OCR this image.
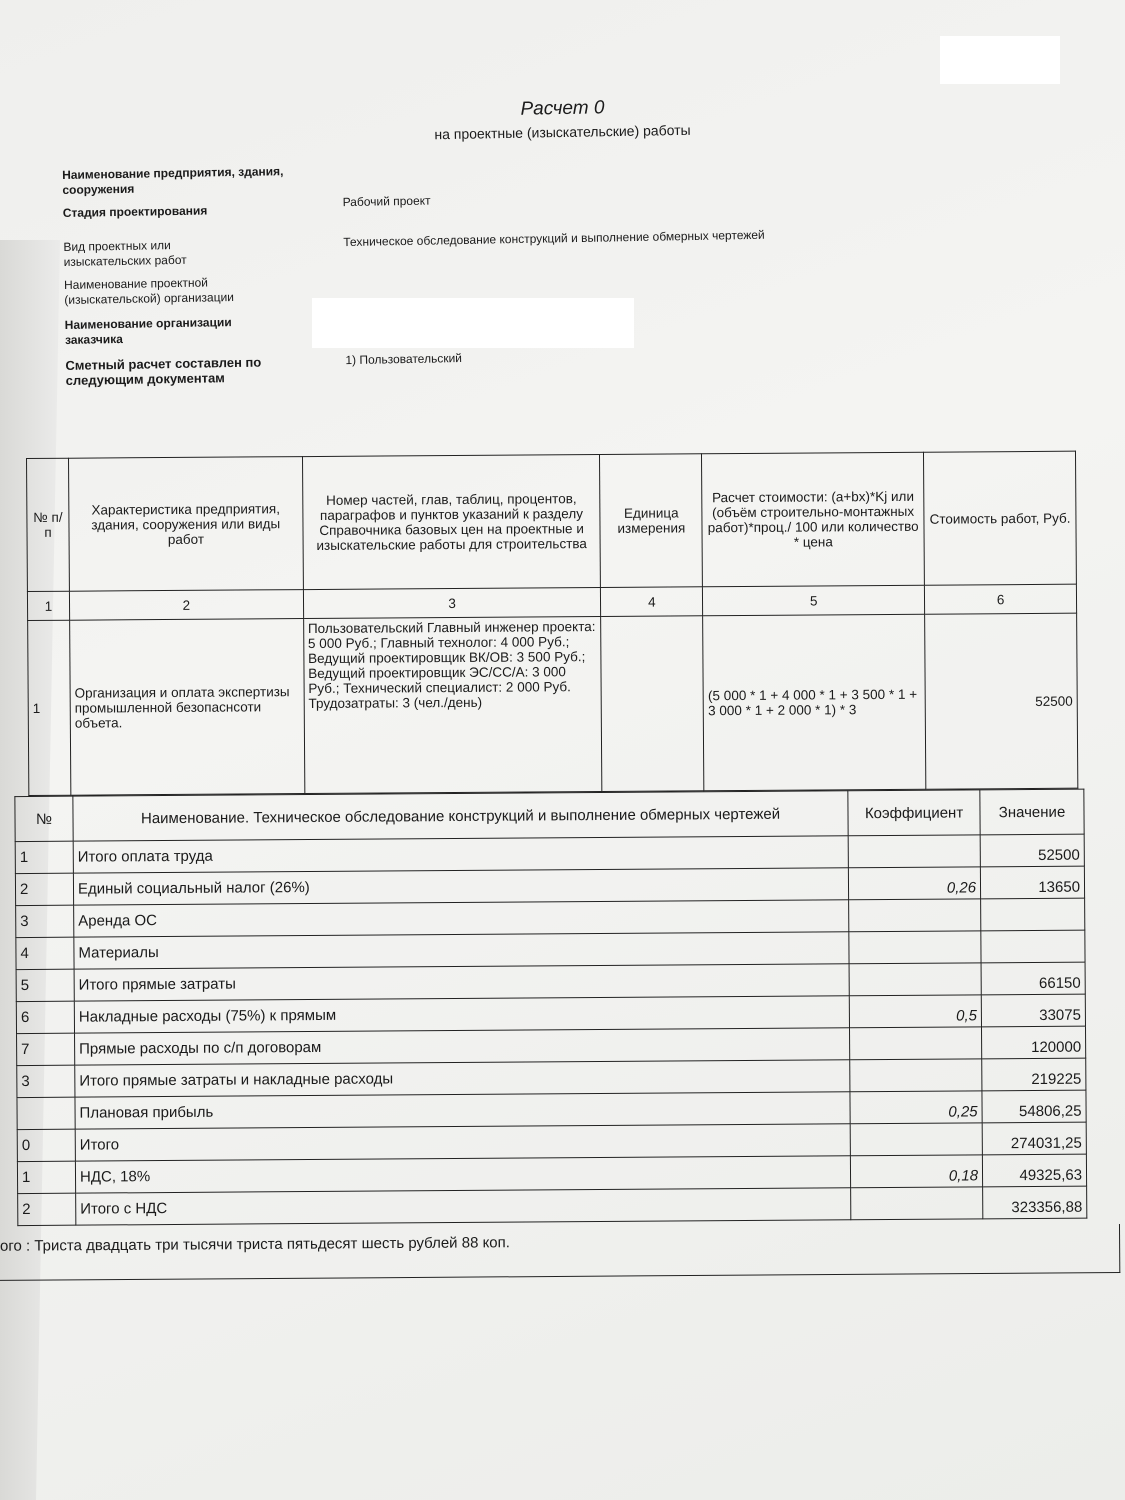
Расчет 0
на проектные (изыскательские) работы
Наименование предприятия, здания, сооружения
Стадия проектирования
Рабочий проект
Вид проектных или изыскательских работ
Техническое обследование конструкций и выполнение обмерных чертежей
Наименование проектной (изыскательской) организации
Наименование организации заказчика
Сметный расчет составлен по следующим документам
1) Пользовательский
№ п/п	Характеристика предприятия, здания, сооружения или виды работ	Номер частей, глав, таблиц, процентов, параграфов и пунктов указаний к разделу Справочника базовых цен на проектные и изыскательские работы для строительства	Единица измерения	Расчет стоимости: (a+bx)*Kj или (объём строительно-монтажных работ)*проц./ 100 или количество * цена	Стоимость работ, Руб.
1	2	3	4	5	6
1	Организация и оплата экспертизы промышленной безопаснсоти объета.	Пользовательский Главный инженер проекта: 5 000 Руб.; Главный технолог: 4 000 Руб.; Ведущий проектировщик ВК/ОВ: 3 500 Руб.; Ведущий проектировщик ЭС/СС/А: 3 000 Руб.; Технический специалист: 2 000 Руб. Трудозатраты: 3 (чел./день)		(5 000 * 1 + 4 000 * 1 + 3 500 * 1 + 3 000 * 1 + 2 000 * 1) * 3	52500
№	Наименование. Техническое обследование конструкций и выполнение обмерных чертежей	Коэффициент	Значение
1	Итого оплата труда		52500
2	Единый социальный налог (26%)	0,26	13650
3	Аренда ОС		
4	Материалы		
5	Итого прямые затраты		66150
6	Накладные расходы (75%) к прямым	0,5	33075
7	Прямые расходы по с/п договорам		120000
3	Итого прямые затраты и накладные расходы		219225
	Плановая прибыль	0,25	54806,25
0	Итого		274031,25
1	НДС, 18%	0,18	49325,63
2	Итого с НДС		323356,88
ого : Триста двадцать три тысячи триста пятьдесят шесть рублей 88 коп.
